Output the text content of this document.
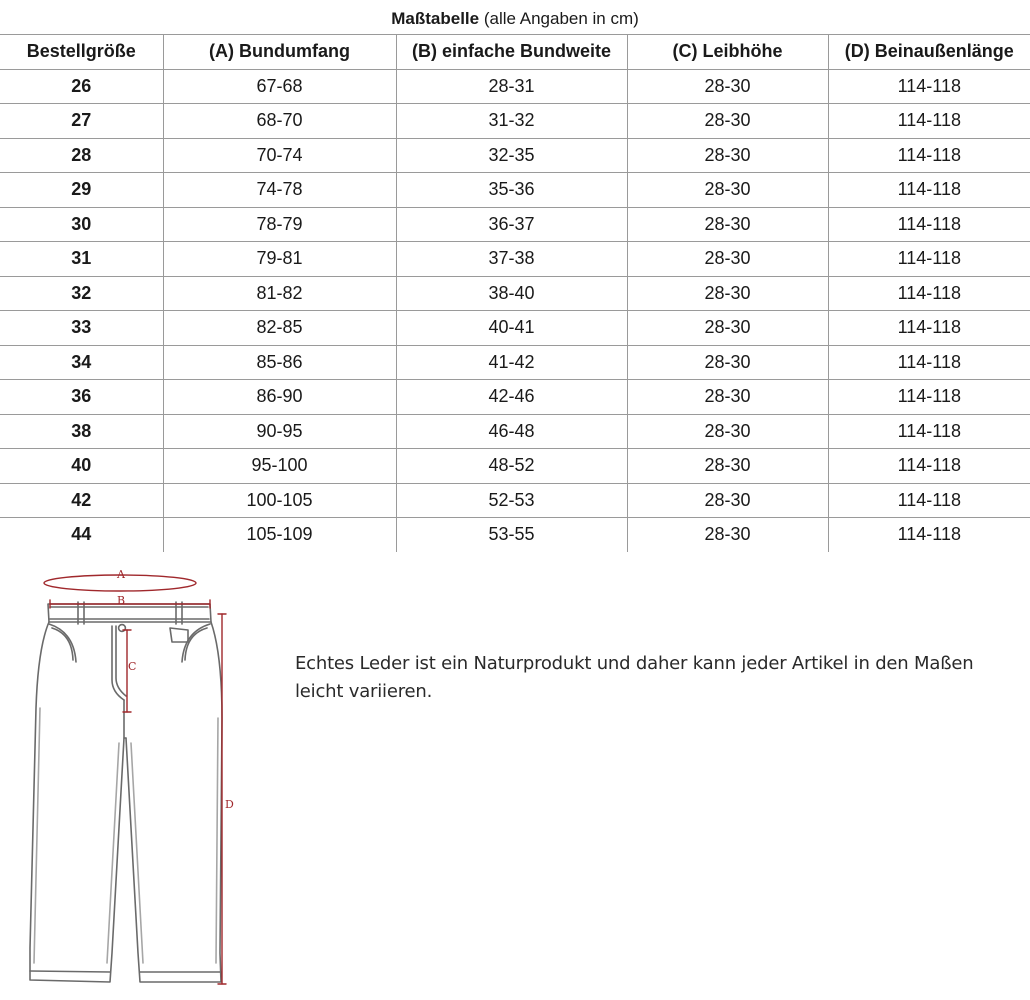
Maßtabelle (alle Angaben in cm)				
Bestellgröße	(A) Bundumfang	(B) einfache Bundweite	(C) Leibhöhe	(D) Beinaußenlänge
26	67-68	28-31	28-30	114-118
27	68-70	31-32	28-30	114-118
28	70-74	32-35	28-30	114-118
29	74-78	35-36	28-30	114-118
30	78-79	36-37	28-30	114-118
31	79-81	37-38	28-30	114-118
32	81-82	38-40	28-30	114-118
33	82-85	40-41	28-30	114-118
34	85-86	41-42	28-30	114-118
36	86-90	42-46	28-30	114-118
38	90-95	46-48	28-30	114-118
40	95-100	48-52	28-30	114-118
42	100-105	52-53	28-30	114-118
44	105-109	53-55	28-30	114-118
A
B
C
D
Echtes Leder ist ein Naturprodukt und daher kann jeder Artikel in den Maßen
leicht variieren.
